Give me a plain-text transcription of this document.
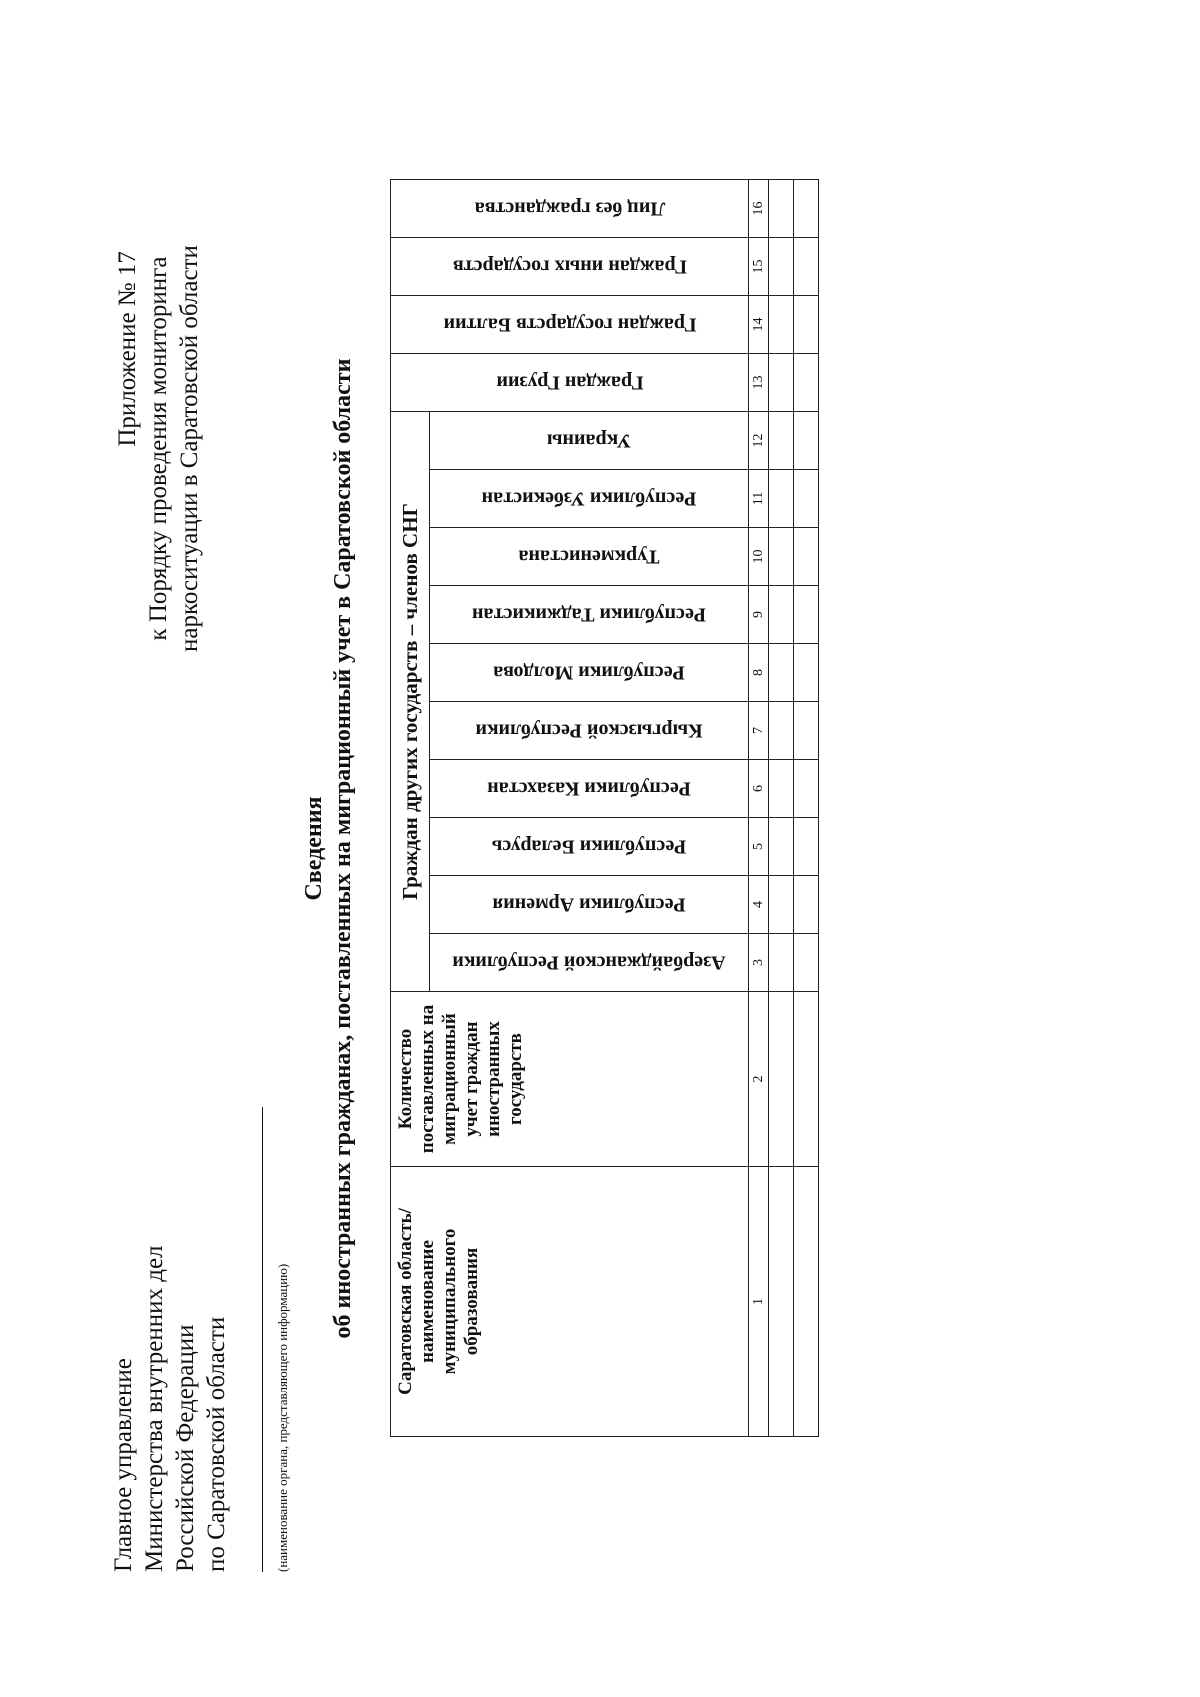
Главное управление Министерства внутренних дел Российской Федерации по Саратовской области	(наименование органа, представляющего информацию)
Приложение № 17 к Порядку проведения мониторинга наркоситуации в Саратовской области
Сведения об иностранных гражданах, поставленных на миграционный учет в Саратовской области Саратовская область/ наименование муниципального образования	Количество поставленных на миграционный учет граждан иностранных государств	Граждан других государств – членов СНГ										Граждан Грузии	Граждан государств Балтии	Граждан иных государств	Лиц без гражданства

		Азербайджанской Республики	Республики Армения	Республики Беларусь	Республики Казахстан	Кыргызской Республики	Республики Молдова	Республики Таджикистан	Туркменистана	Республики Узбекистан	Украины				

1	2	3	4	5	6	7	8	9	10	11	12	13	14	15	16
